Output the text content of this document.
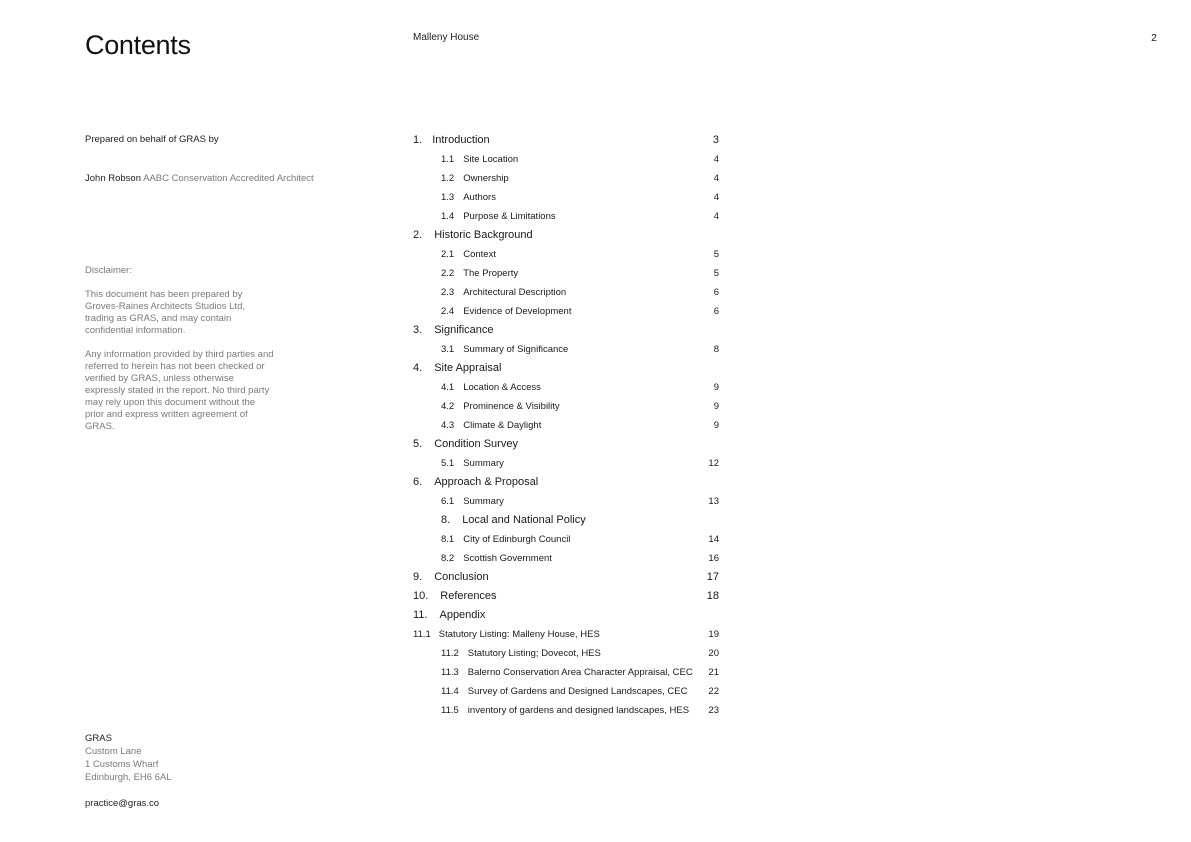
Contents	Malleny House	2
Prepared on behalf of GRAS by
John Robson AABC Conservation Accredited Architect
Disclaimer:
This document has been prepared by Groves-Raines Architects Studios Ltd, trading as GRAS, and may contain confidential information.
Any information provided by third parties and referred to herein has not been checked or verified by GRAS, unless otherwise expressly stated in the report. No third party may rely upon this document without the prior and express written agreement of GRAS.
GRAS
Custom Lane
1 Customs Wharf
Edinburgh, EH6 6AL
practice@gras.co
1. Introduction	3
1.1 Site Location	4
1.2 Ownership	4
1.3 Authors	4
1.4 Purpose & Limitations	4
2. Historic Background
2.1 Context	5
2.2 The Property	5
2.3 Architectural Description	6
2.4 Evidence of Development	6
3. Significance
3.1 Summary of Significance	8
4. Site Appraisal
4.1 Location & Access	9
4.2 Prominence & Visibility	9
4.3 Climate & Daylight	9
5. Condition Survey
5.1 Summary	12
6. Approach & Proposal
6.1 Summary	13
8. Local and National Policy
8.1 City of Edinburgh Council	14
8.2 Scottish Government	16
9. Conclusion	17
10. References	18
11. Appendix
11.1 Statutory Listing: Malleny House, HES	19
11.2 Statutory Listing; Dovecot, HES	20
11.3 Balerno Conservation Area Character Appraisal, CEC	21
11.4 Survey of Gardens and Designed Landscapes, CEC	22
11.5 inventory of gardens and designed landscapes, HES	23
